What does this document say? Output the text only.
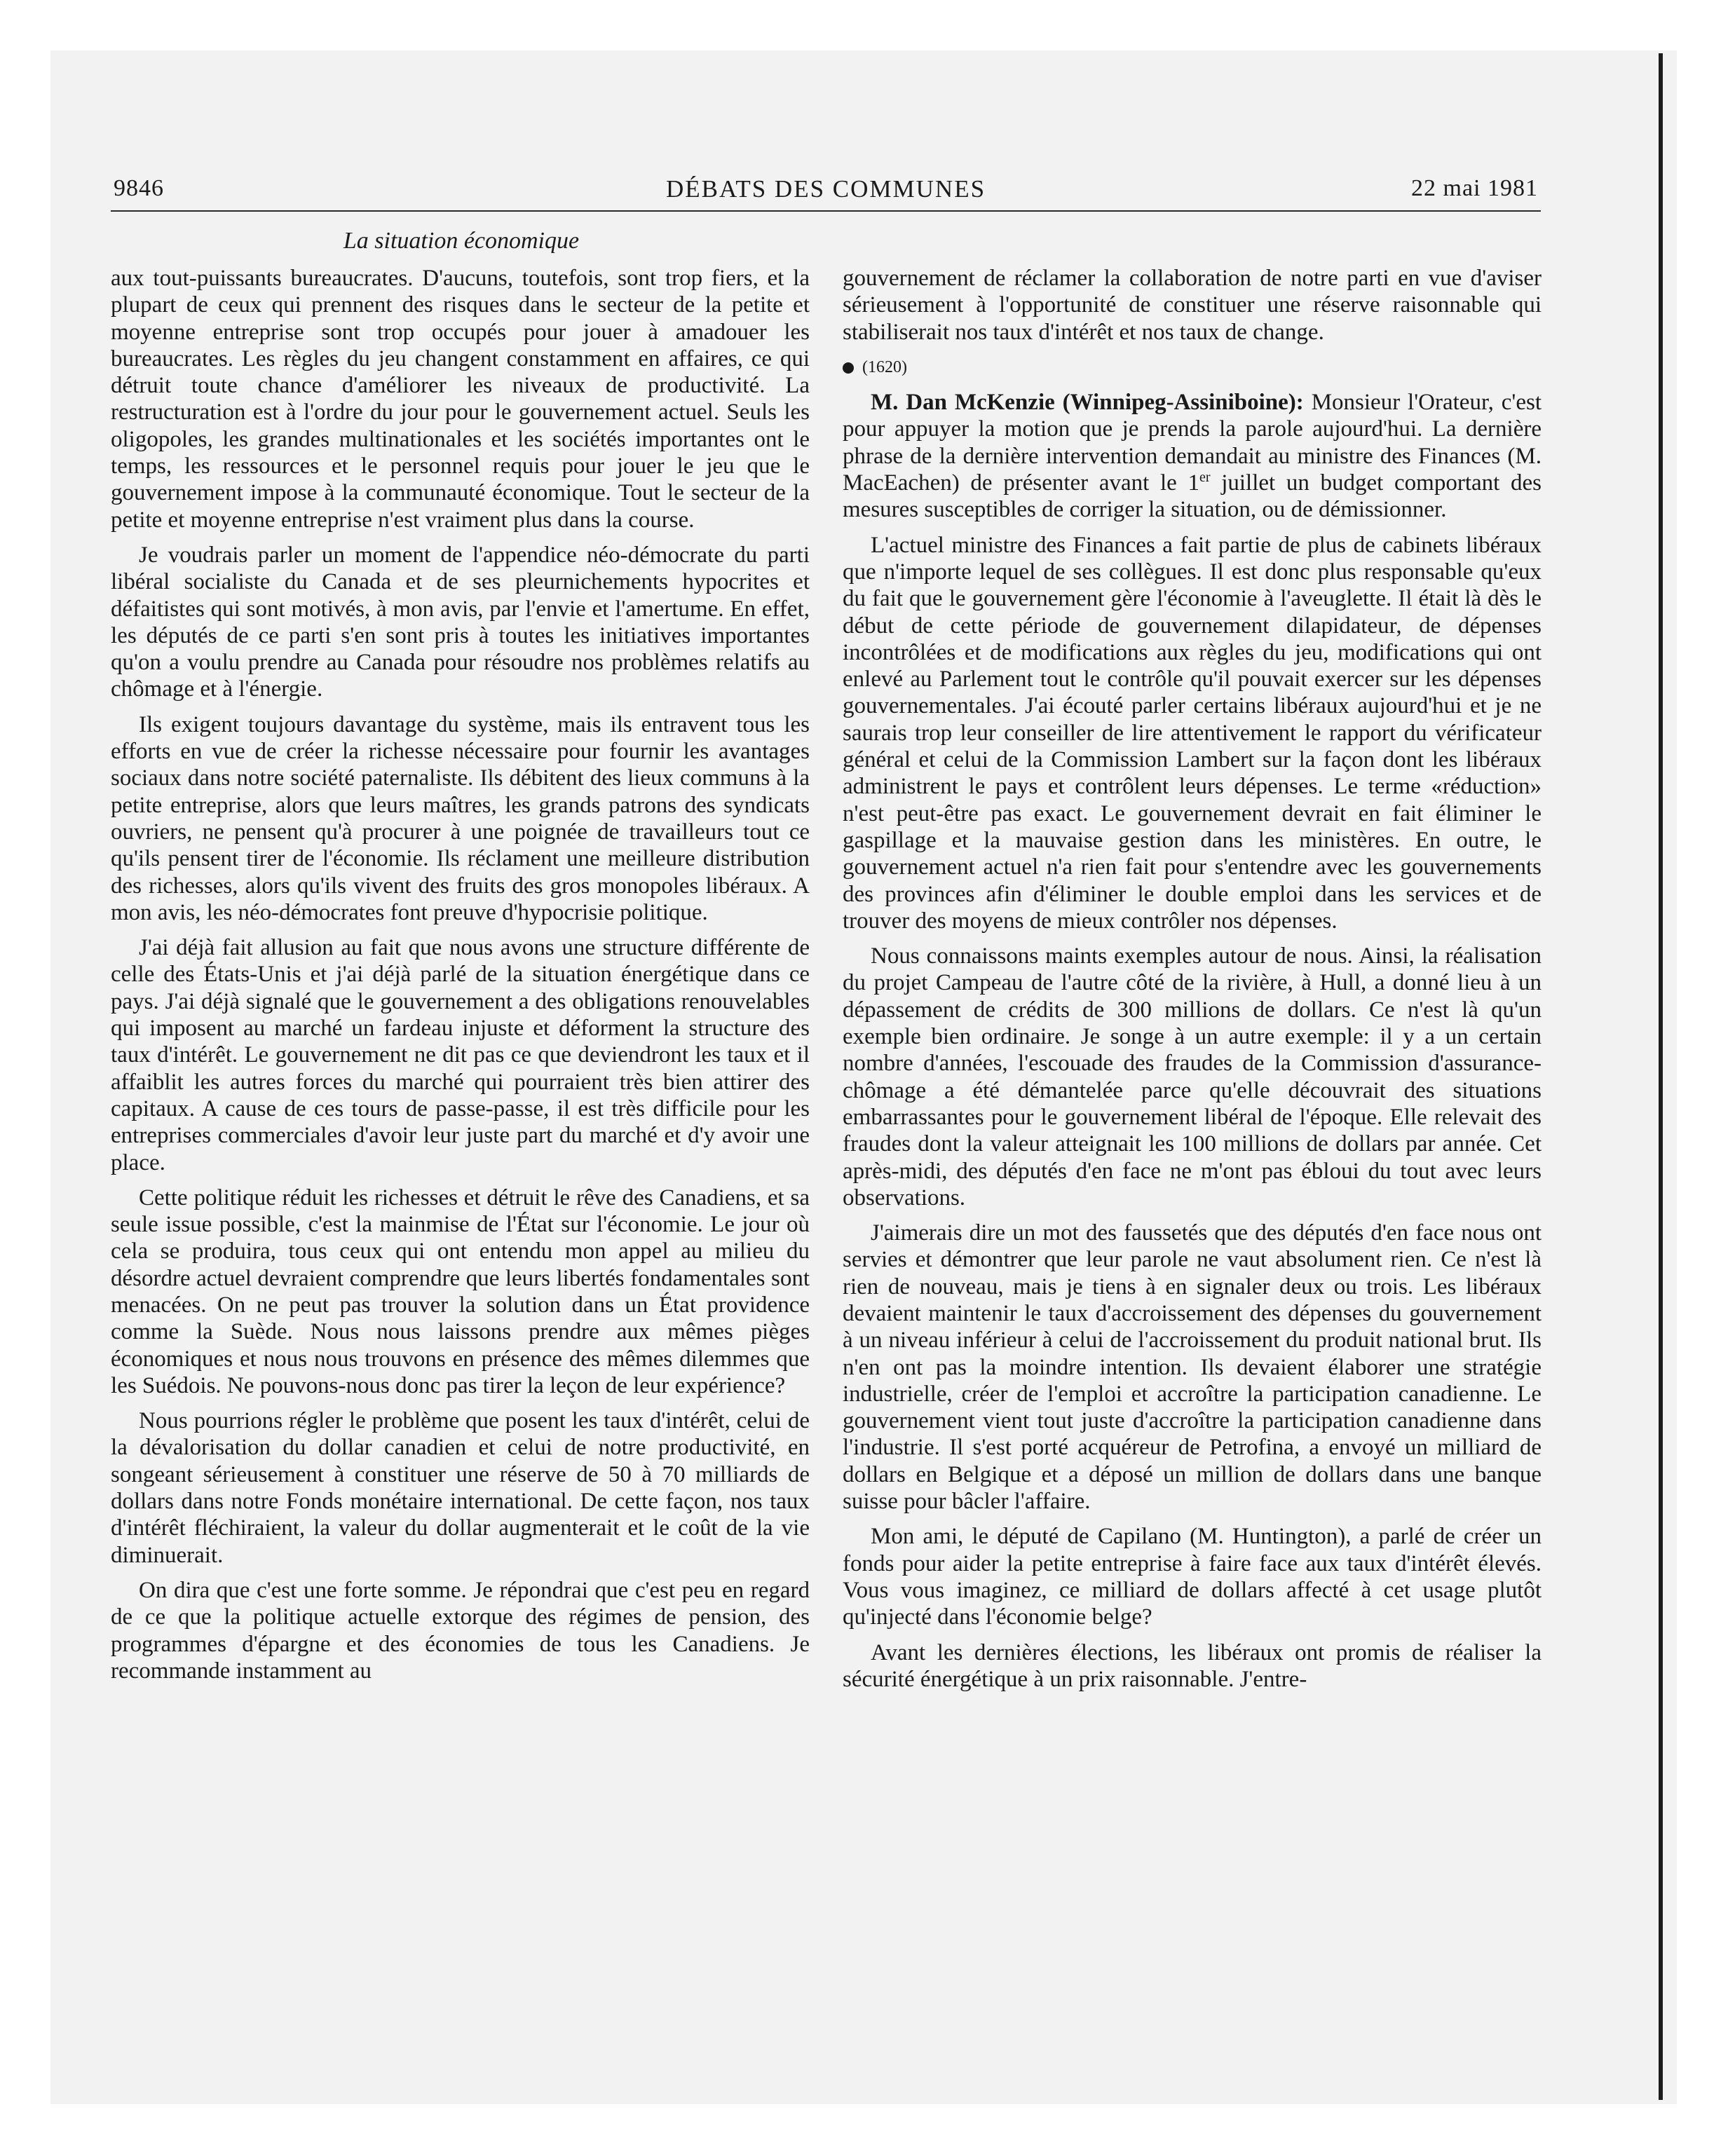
9846	DÉBATS DES COMMUNES	22 mai 1981
La situation économique

aux tout-puissants bureaucrates. D'aucuns, toutefois, sont trop fiers, et la plupart de ceux qui prennent des risques dans le secteur de la petite et moyenne entreprise sont trop occupés pour jouer à amadouer les bureaucrates. Les règles du jeu changent constamment en affaires, ce qui détruit toute chance d'améliorer les niveaux de productivité. La restructuration est à l'ordre du jour pour le gouvernement actuel. Seuls les oligopoles, les grandes multinationales et les sociétés importantes ont le temps, les ressources et le personnel requis pour jouer le jeu que le gouvernement impose à la communauté économique. Tout le secteur de la petite et moyenne entreprise n'est vraiment plus dans la course.

Je voudrais parler un moment de l'appendice néo-démocrate du parti libéral socialiste du Canada et de ses pleurnichements hypocrites et défaitistes qui sont motivés, à mon avis, par l'envie et l'amertume. En effet, les députés de ce parti s'en sont pris à toutes les initiatives importantes qu'on a voulu prendre au Canada pour résoudre nos problèmes relatifs au chômage et à l'énergie.

Ils exigent toujours davantage du système, mais ils entravent tous les efforts en vue de créer la richesse nécessaire pour fournir les avantages sociaux dans notre société paternaliste. Ils débitent des lieux communs à la petite entreprise, alors que leurs maîtres, les grands patrons des syndicats ouvriers, ne pensent qu'à procurer à une poignée de travailleurs tout ce qu'ils pensent tirer de l'économie. Ils réclament une meilleure distribution des richesses, alors qu'ils vivent des fruits des gros monopoles libéraux. A mon avis, les néo-démocrates font preuve d'hypocrisie politique.

J'ai déjà fait allusion au fait que nous avons une structure différente de celle des États-Unis et j'ai déjà parlé de la situation énergétique dans ce pays. J'ai déjà signalé que le gouvernement a des obligations renouvelables qui imposent au marché un fardeau injuste et déforment la structure des taux d'intérêt. Le gouvernement ne dit pas ce que deviendront les taux et il affaiblit les autres forces du marché qui pourraient très bien attirer des capitaux. A cause de ces tours de passe-passe, il est très difficile pour les entreprises commerciales d'avoir leur juste part du marché et d'y avoir une place.

Cette politique réduit les richesses et détruit le rêve des Canadiens, et sa seule issue possible, c'est la mainmise de l'État sur l'économie. Le jour où cela se produira, tous ceux qui ont entendu mon appel au milieu du désordre actuel devraient comprendre que leurs libertés fondamentales sont menacées. On ne peut pas trouver la solution dans un État providence comme la Suède. Nous nous laissons prendre aux mêmes pièges économiques et nous nous trouvons en présence des mêmes dilemmes que les Suédois. Ne pouvons-nous donc pas tirer la leçon de leur expérience?

Nous pourrions régler le problème que posent les taux d'intérêt, celui de la dévalorisation du dollar canadien et celui de notre productivité, en songeant sérieusement à constituer une réserve de 50 à 70 milliards de dollars dans notre Fonds monétaire international. De cette façon, nos taux d'intérêt fléchiraient, la valeur du dollar augmenterait et le coût de la vie diminuerait.

On dira que c'est une forte somme. Je répondrai que c'est peu en regard de ce que la politique actuelle extorque des régimes de pension, des programmes d'épargne et des économies de tous les Canadiens. Je recommande instamment au

gouvernement de réclamer la collaboration de notre parti en vue d'aviser sérieusement à l'opportunité de constituer une réserve raisonnable qui stabiliserait nos taux d'intérêt et nos taux de change.

(1620)

M. Dan McKenzie (Winnipeg-Assiniboine): Monsieur l'Orateur, c'est pour appuyer la motion que je prends la parole aujourd'hui. La dernière phrase de la dernière intervention demandait au ministre des Finances (M. MacEachen) de présenter avant le 1er juillet un budget comportant des mesures susceptibles de corriger la situation, ou de démissionner.

L'actuel ministre des Finances a fait partie de plus de cabinets libéraux que n'importe lequel de ses collègues. Il est donc plus responsable qu'eux du fait que le gouvernement gère l'économie à l'aveuglette. Il était là dès le début de cette période de gouvernement dilapidateur, de dépenses incontrôlées et de modifications aux règles du jeu, modifications qui ont enlevé au Parlement tout le contrôle qu'il pouvait exercer sur les dépenses gouvernementales. J'ai écouté parler certains libéraux aujourd'hui et je ne saurais trop leur conseiller de lire attentivement le rapport du vérificateur général et celui de la Commission Lambert sur la façon dont les libéraux administrent le pays et contrôlent leurs dépenses. Le terme «réduction» n'est peut-être pas exact. Le gouvernement devrait en fait éliminer le gaspillage et la mauvaise gestion dans les ministères. En outre, le gouvernement actuel n'a rien fait pour s'entendre avec les gouvernements des provinces afin d'éliminer le double emploi dans les services et de trouver des moyens de mieux contrôler nos dépenses.

Nous connaissons maints exemples autour de nous. Ainsi, la réalisation du projet Campeau de l'autre côté de la rivière, à Hull, a donné lieu à un dépassement de crédits de 300 millions de dollars. Ce n'est là qu'un exemple bien ordinaire. Je songe à un autre exemple: il y a un certain nombre d'années, l'escouade des fraudes de la Commission d'assurance-chômage a été démantelée parce qu'elle découvrait des situations embarrassantes pour le gouvernement libéral de l'époque. Elle relevait des fraudes dont la valeur atteignait les 100 millions de dollars par année. Cet après-midi, des députés d'en face ne m'ont pas ébloui du tout avec leurs observations.

J'aimerais dire un mot des faussetés que des députés d'en face nous ont servies et démontrer que leur parole ne vaut absolument rien. Ce n'est là rien de nouveau, mais je tiens à en signaler deux ou trois. Les libéraux devaient maintenir le taux d'accroissement des dépenses du gouvernement à un niveau inférieur à celui de l'accroissement du produit national brut. Ils n'en ont pas la moindre intention. Ils devaient élaborer une stratégie industrielle, créer de l'emploi et accroître la participation canadienne. Le gouvernement vient tout juste d'accroître la participation canadienne dans l'industrie. Il s'est porté acquéreur de Petrofina, a envoyé un milliard de dollars en Belgique et a déposé un million de dollars dans une banque suisse pour bâcler l'affaire.

Mon ami, le député de Capilano (M. Huntington), a parlé de créer un fonds pour aider la petite entreprise à faire face aux taux d'intérêt élevés. Vous vous imaginez, ce milliard de dollars affecté à cet usage plutôt qu'injecté dans l'économie belge?

Avant les dernières élections, les libéraux ont promis de réaliser la sécurité énergétique à un prix raisonnable. J'entre-
